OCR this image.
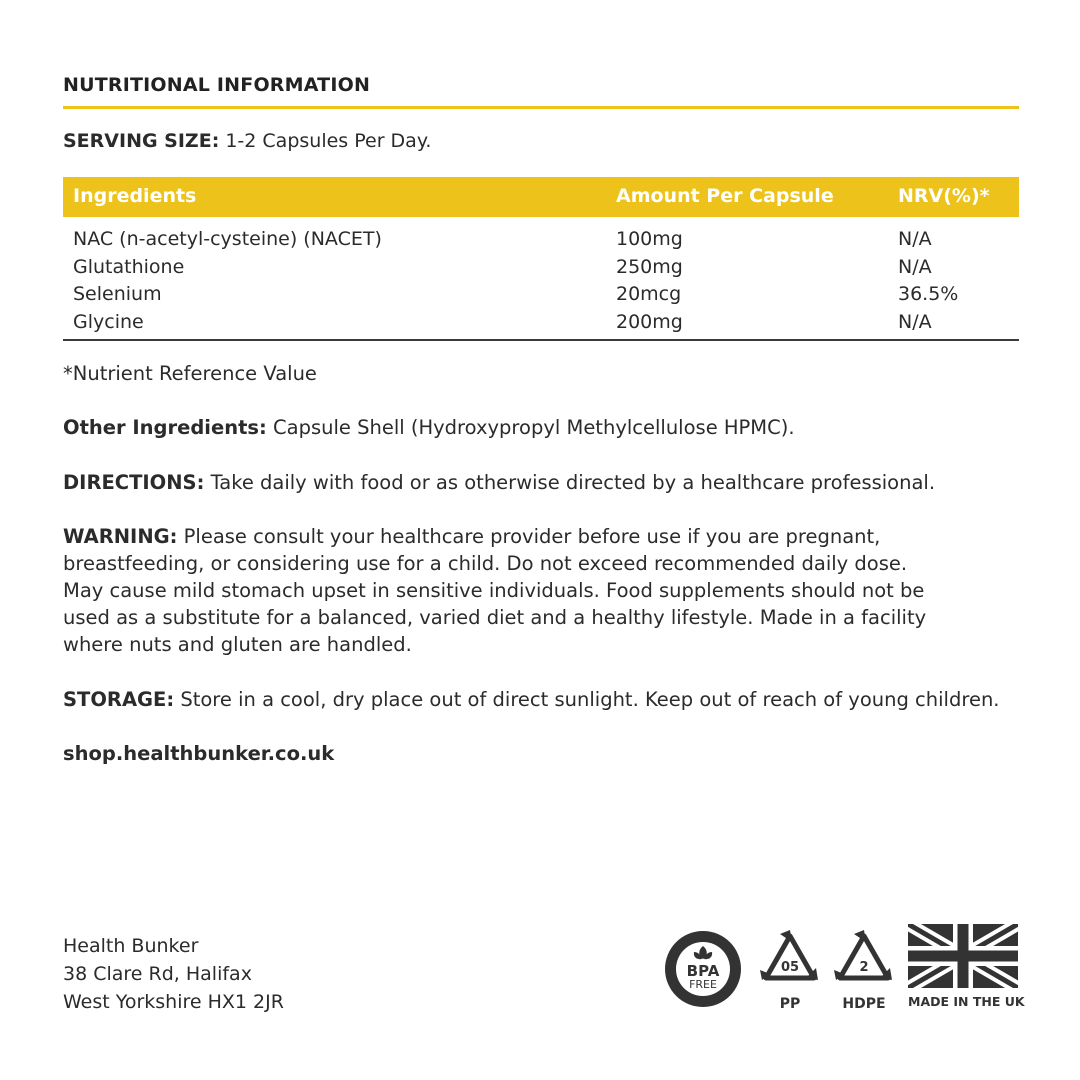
NUTRITIONAL INFORMATION
SERVING SIZE: 1-2 Capsules Per Day.
Ingredients	Amount Per Capsule	NRV(%)*
NAC (n-acetyl-cysteine) (NACET)	100mg	N/A
Glutathione	250mg	N/A
Selenium	20mcg	36.5%
Glycine	200mg	N/A
*Nutrient Reference Value
Other Ingredients: Capsule Shell (Hydroxypropyl Methylcellulose HPMC).
DIRECTIONS: Take daily with food or as otherwise directed by a healthcare professional.
WARNING: Please consult your healthcare provider before use if you are pregnant,
breastfeeding, or considering use for a child. Do not exceed recommended daily dose.
May cause mild stomach upset in sensitive individuals. Food supplements should not be
used as a substitute for a balanced, varied diet and a healthy lifestyle. Made in a facility
where nuts and gluten are handled.
STORAGE: Store in a cool, dry place out of direct sunlight. Keep out of reach of young children.
shop.healthbunker.co.uk
Health Bunker
38 Clare Rd, Halifax
West Yorkshire HX1 2JR
BPA
FREE
05
PP
2
HDPE	MADE IN THE UK
